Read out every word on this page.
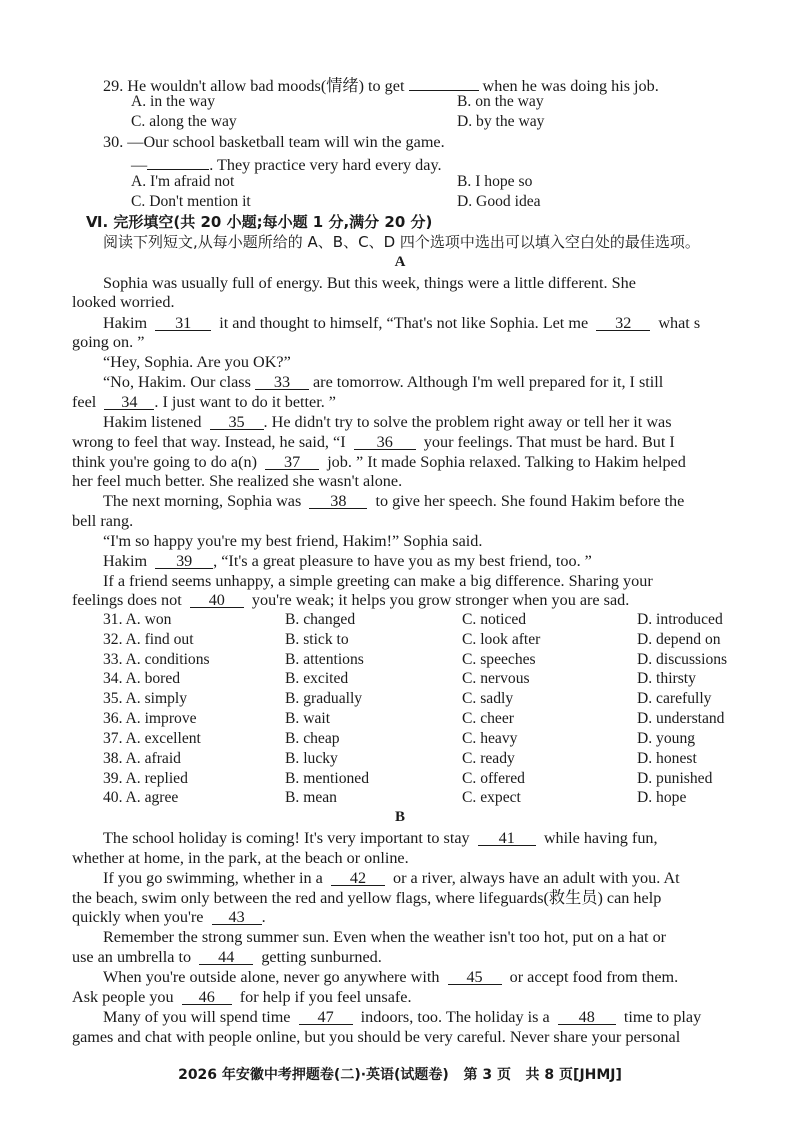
29. He wouldn't allow bad moods(情绪) to get	when he was doing his job.
A. in the way	B. on the way
C. along the way	D. by the way
30. —Our school basketball team will win the game.
—	. They practice very hard every day.
A. I'm afraid not	B. I hope so
C. Don't mention it	D. Good idea
Ⅵ. 完形填空(共 20 小题;每小题 1 分,满分 20 分)
阅读下列短文,从每小题所给的 A、B、C、D 四个选项中选出可以填入空白处的最佳选项。
A
Sophia was usually full of energy. But this week, things were a little different. She
looked worried.
Hakim 31 it and thought to himself, “That's not like Sophia. Let me 32 what s
going on. ”
“Hey, Sophia. Are you OK?”
“No, Hakim. Our class 33 are tomorrow. Although I'm well prepared for it, I still
feel 34 . I just want to do it better. ”
Hakim listened 35 . He didn't try to solve the problem right away or tell her it was
wrong to feel that way. Instead, he said, “I 36 your feelings. That must be hard. But I
think you're going to do a(n) 37 job. ” It made Sophia relaxed. Talking to Hakim helped
her feel much better. She realized she wasn't alone.
The next morning, Sophia was 38 to give her speech. She found Hakim before the
bell rang.
“I'm so happy you're my best friend, Hakim!” Sophia said.
Hakim 39 , “It's a great pleasure to have you as my best friend, too. ”
If a friend seems unhappy, a simple greeting can make a big difference. Sharing your
feelings does not 40 you're weak; it helps you grow stronger when you are sad.
31. A. won	B. changed	C. noticed	D. introduced
32. A. find out	B. stick to	C. look after	D. depend on
33. A. conditions	B. attentions	C. speeches	D. discussions
34. A. bored	B. excited	C. nervous	D. thirsty
35. A. simply	B. gradually	C. sadly	D. carefully
36. A. improve	B. wait	C. cheer	D. understand
37. A. excellent	B. cheap	C. heavy	D. young
38. A. afraid	B. lucky	C. ready	D. honest
39. A. replied	B. mentioned	C. offered	D. punished
40. A. agree	B. mean	C. expect	D. hope
B
The school holiday is coming! It's very important to stay 41 while having fun,
whether at home, in the park, at the beach or online.
If you go swimming, whether in a 42 or a river, always have an adult with you. At
the beach, swim only between the red and yellow flags, where lifeguards(救生员) can help
quickly when you're 43 .
Remember the strong summer sun. Even when the weather isn't too hot, put on a hat or
use an umbrella to 44 getting sunburned.
When you're outside alone, never go anywhere with 45 or accept food from them.
Ask people you 46 for help if you feel unsafe.
Many of you will spend time 47 indoors, too. The holiday is a 48 time to play
games and chat with people online, but you should be very careful. Never share your personal
2026 年安徽中考押题卷(二)·英语(试题卷)   第 3 页   共 8 页[JHMJ]
